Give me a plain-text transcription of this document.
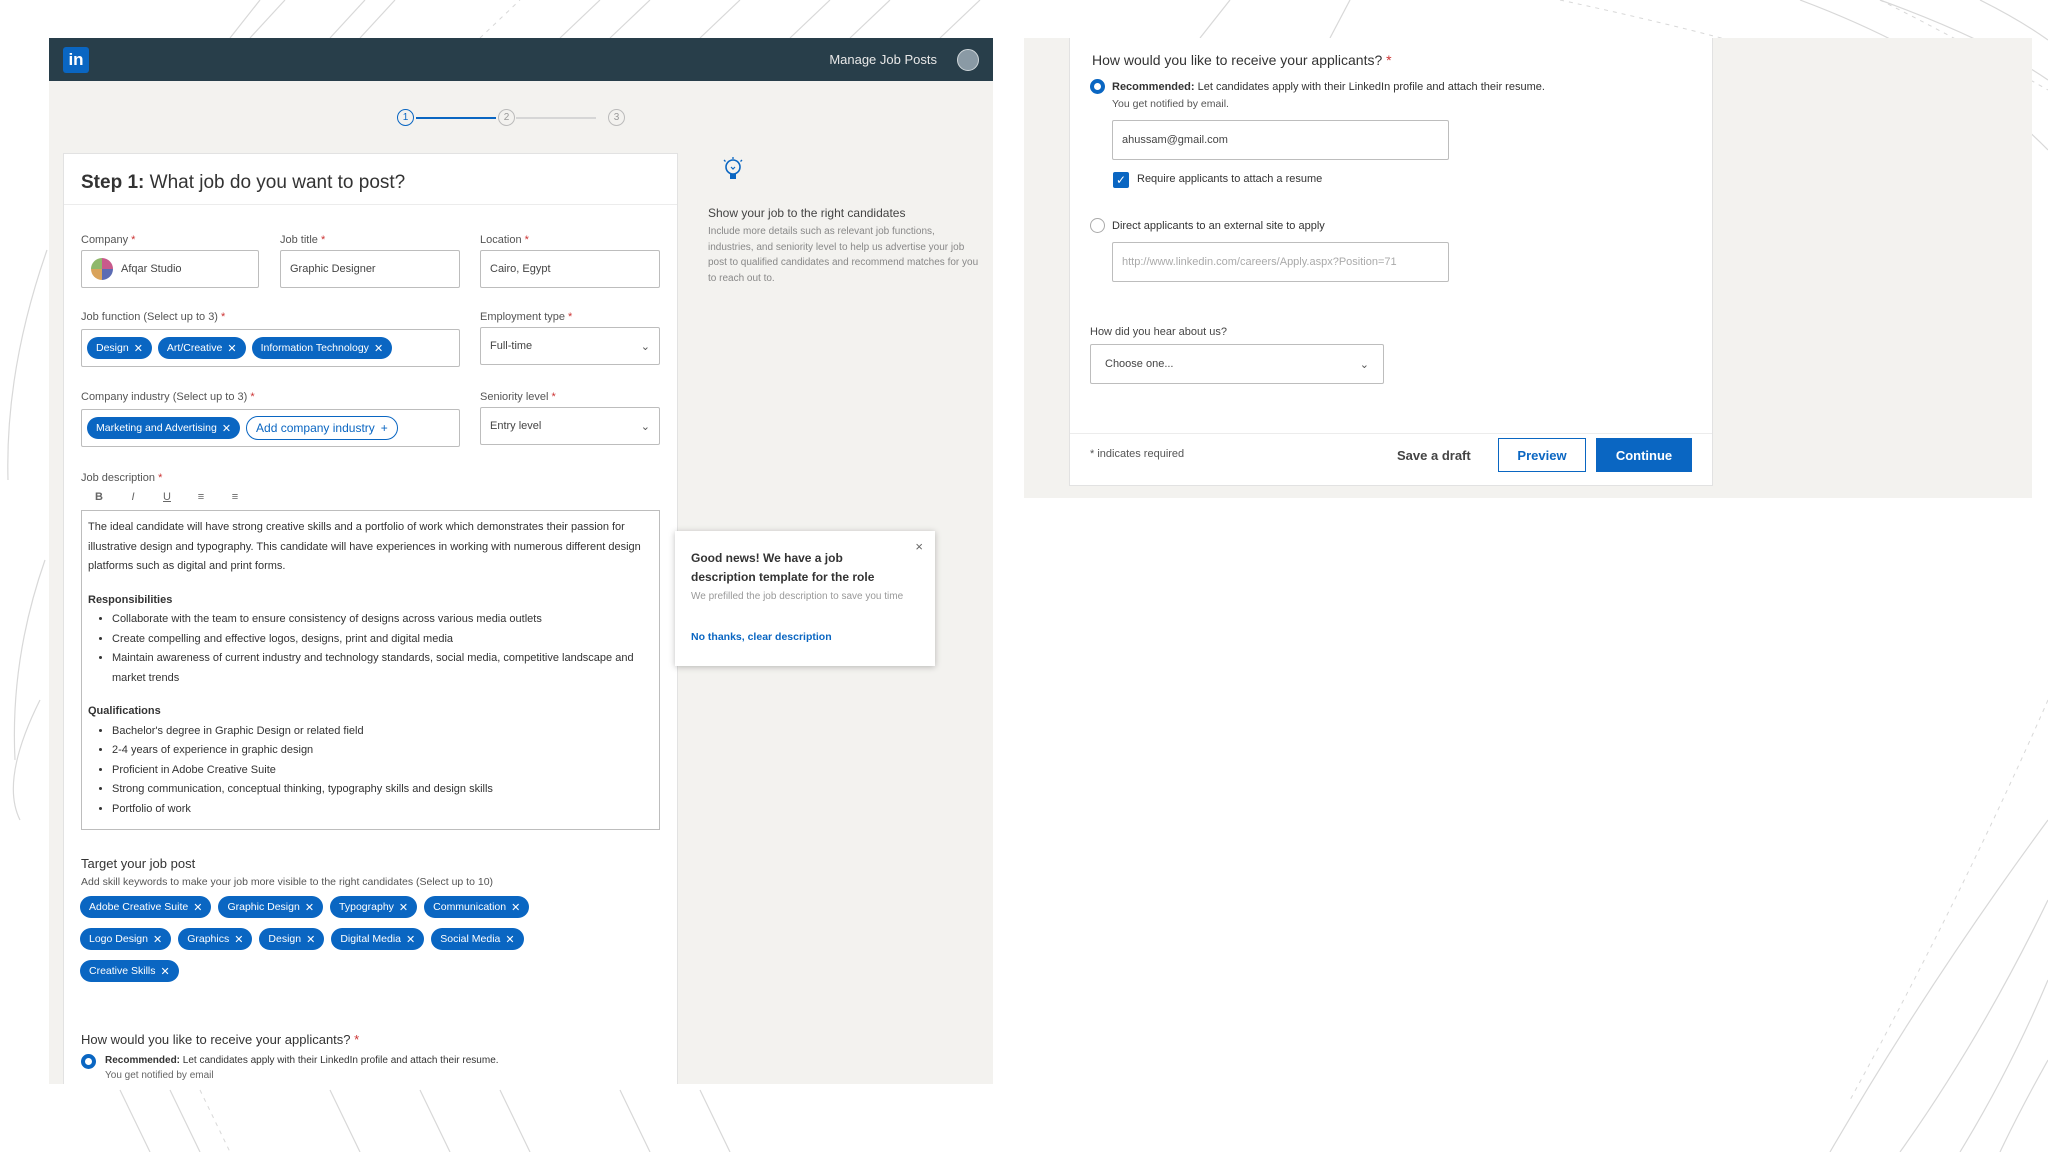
in	Manage Job Posts
1	2	3
Step 1: What job do you want to post?
Company *
Afqar Studio
Job title *
Graphic Designer
Location *
Cairo, Egypt
Job function (Select up to 3) *
Design ✕ Art/Creative ✕ Information Technology ✕
Employment type *
Full-time	⌄
Company industry (Select up to 3) *
Marketing and Advertising ✕ Add company industry +
Seniority level *
Entry level	⌄
Job description *
B	I	U	≡	≡
The ideal candidate will have strong creative skills and a portfolio of work which demonstrates their passion for illustrative design and typography. This candidate will have experiences in working with numerous different design platforms such as digital and print forms.
Responsibilities
• Collaborate with the team to ensure consistency of designs across various media outlets
• Create compelling and effective logos, designs, print and digital media
• Maintain awareness of current industry and technology standards, social media, competitive landscape and market trends
Qualifications
• Bachelor's degree in Graphic Design or related field
• 2-4 years of experience in graphic design
• Proficient in Adobe Creative Suite
• Strong communication, conceptual thinking, typography skills and design skills
• Portfolio of work
Target your job post
Add skill keywords to make your job more visible to the right candidates (Select up to 10)
Adobe Creative Suite ✕ Graphic Design ✕ Typography ✕ Communication ✕
Logo Design ✕ Graphics ✕ Design ✕ Digital Media ✕ Social Media ✕
Creative Skills ✕
How would you like to receive your applicants? *
Recommended: Let candidates apply with their LinkedIn profile and attach their resume.
You get notified by email
Show your job to the right candidates
Include more details such as relevant job functions, industries, and seniority level to help us advertise your job post to qualified candidates and recommend matches for you to reach out to.
×
Good news! We have a job description template for the role
We prefilled the job description to save you time
No thanks, clear description
How would you like to receive your applicants? *
Recommended: Let candidates apply with their LinkedIn profile and attach their resume.
You get notified by email.
ahussam@gmail.com
✓ Require applicants to attach a resume
Direct applicants to an external site to apply
http://www.linkedin.com/careers/Apply.aspx?Position=71
How did you hear about us?
Choose one...	⌄
* indicates required	Save a draft	Preview	Continue
